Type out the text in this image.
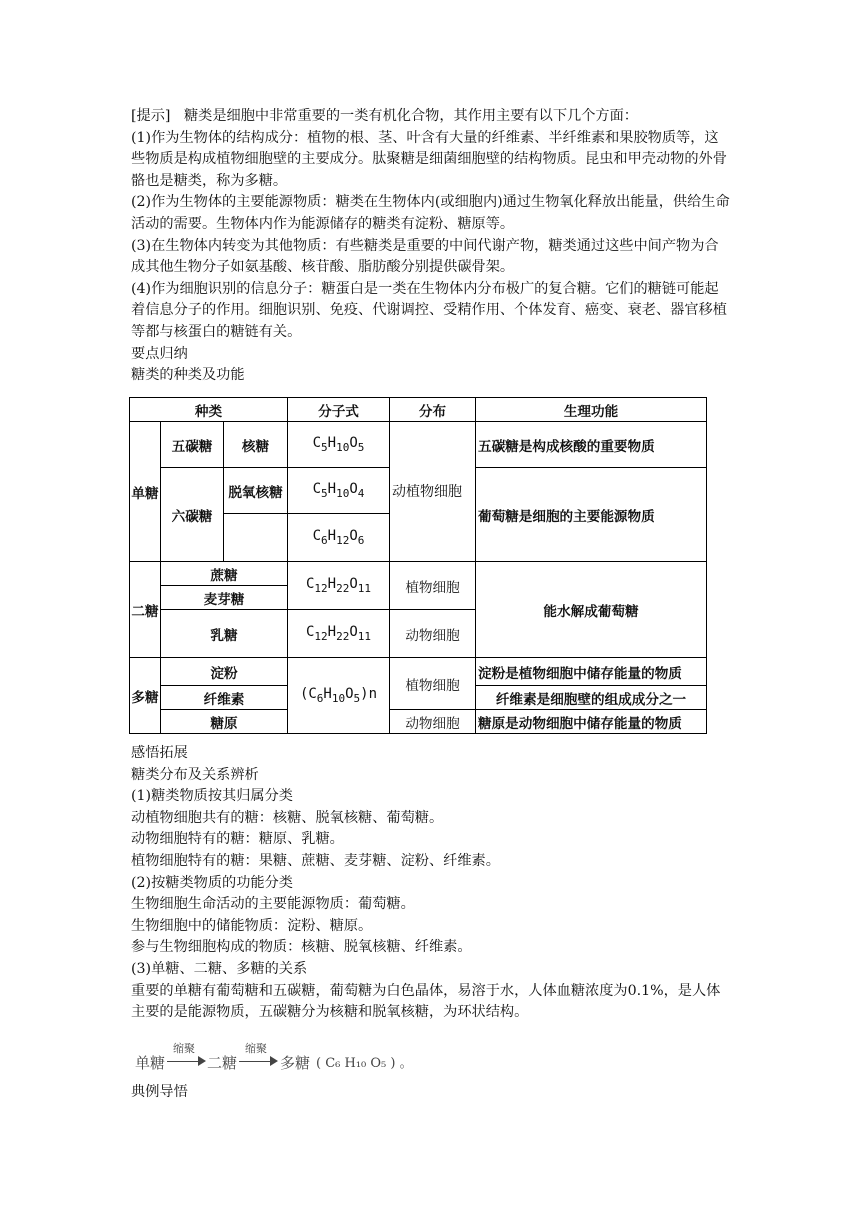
[提示] 糖类是细胞中非常重要的一类有机化合物，其作用主要有以下几个方面：

(1)作为生物体的结构成分：植物的根、茎、叶含有大量的纤维素、半纤维素和果胶物质等，这些物质是构成植物细胞壁的主要成分。肽聚糖是细菌细胞壁的结构物质。昆虫和甲壳动物的外骨骼也是糖类，称为多糖。

(2)作为生物体的主要能源物质：糖类在生物体内(或细胞内)通过生物氧化释放出能量，供给生命活动的需要。生物体内作为能源储存的糖类有淀粉、糖原等。

(3)在生物体内转变为其他物质：有些糖类是重要的中间代谢产物，糖类通过这些中间产物为合成其他生物分子如氨基酸、核苷酸、脂肪酸分别提供碳骨架。

(4)作为细胞识别的信息分子：糖蛋白是一类在生物体内分布极广的复合糖。它们的糖链可能起着信息分子的作用。细胞识别、免疫、代谢调控、受精作用、个体发育、癌变、衰老、器官移植等都与核蛋白的糖链有关。

要点归纳

糖类的种类及功能

种类			分子式	分布	生理功能
单糖	五碳糖	核糖	$C_5H_{10}O_5$	动植物细胞	五碳糖是构成核酸的重要物质
	六碳糖	脱氧核糖	$C_5H_{10}O_4$		葡萄糖是细胞的主要能源物质
			$C_6H_{12}O_6$

二糖	蔗糖		$C_{12}H_{22}O_{11}$	植物细胞	能水解成葡萄糖
	麦芽糖				
	乳糖		$C_{12}H_{22}O_{11}$	动物细胞	

多糖	淀粉		$(C_6H_{10}O_5)n$	植物细胞	淀粉是植物细胞中储存能量的物质
	纤维素				纤维素是细胞壁的组成成分之一
	糖原			动物细胞	糖原是动物细胞中储存能量的物质

感悟拓展

糖类分布及关系辨析

(1)糖类物质按其归属分类

动植物细胞共有的糖：核糖、脱氧核糖、葡萄糖。

动物细胞特有的糖：糖原、乳糖。

植物细胞特有的糖：果糖、蔗糖、麦芽糖、淀粉、纤维素。

(2)按糖类物质的功能分类

生物细胞生命活动的主要能源物质：葡萄糖。

生物细胞中的储能物质：淀粉、糖原。

参与生物细胞构成的物质：核糖、脱氧核糖、纤维素。

(3)单糖、二糖、多糖的关系

重要的单糖有葡萄糖和五碳糖，葡萄糖为白色晶体，易溶于水，人体血糖浓度为0.1%，是人体主要的是能源物质，五碳糖分为核糖和脱氧核糖，为环状结构。

单糖
缩聚
二糖
缩聚
多糖 ( C₆ H₁₀ O₅ ) 。
典例导悟
